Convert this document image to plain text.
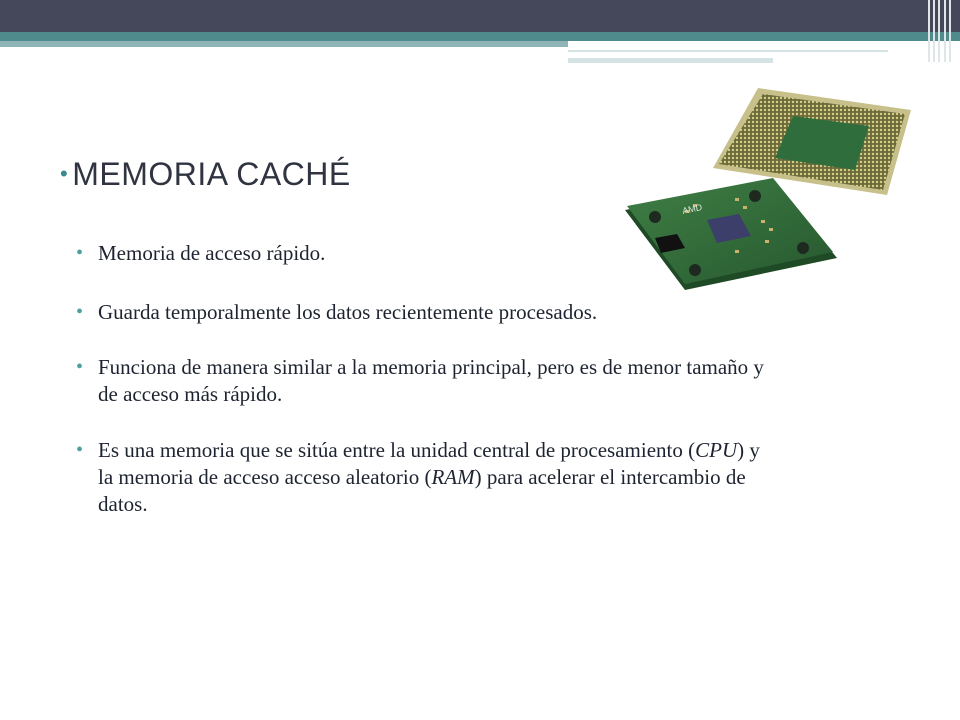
• MEMORIA CACHÉ
• Memoria de acceso rápido.
• Guarda temporalmente los datos recientemente procesados.
• Funciona de manera similar a la memoria principal, pero es de menor tamaño y de acceso más rápido.
• Es una memoria que se sitúa entre la unidad central de procesamiento (CPU) y la memoria de acceso acceso aleatorio (RAM) para acelerar el intercambio de datos.
AMD
